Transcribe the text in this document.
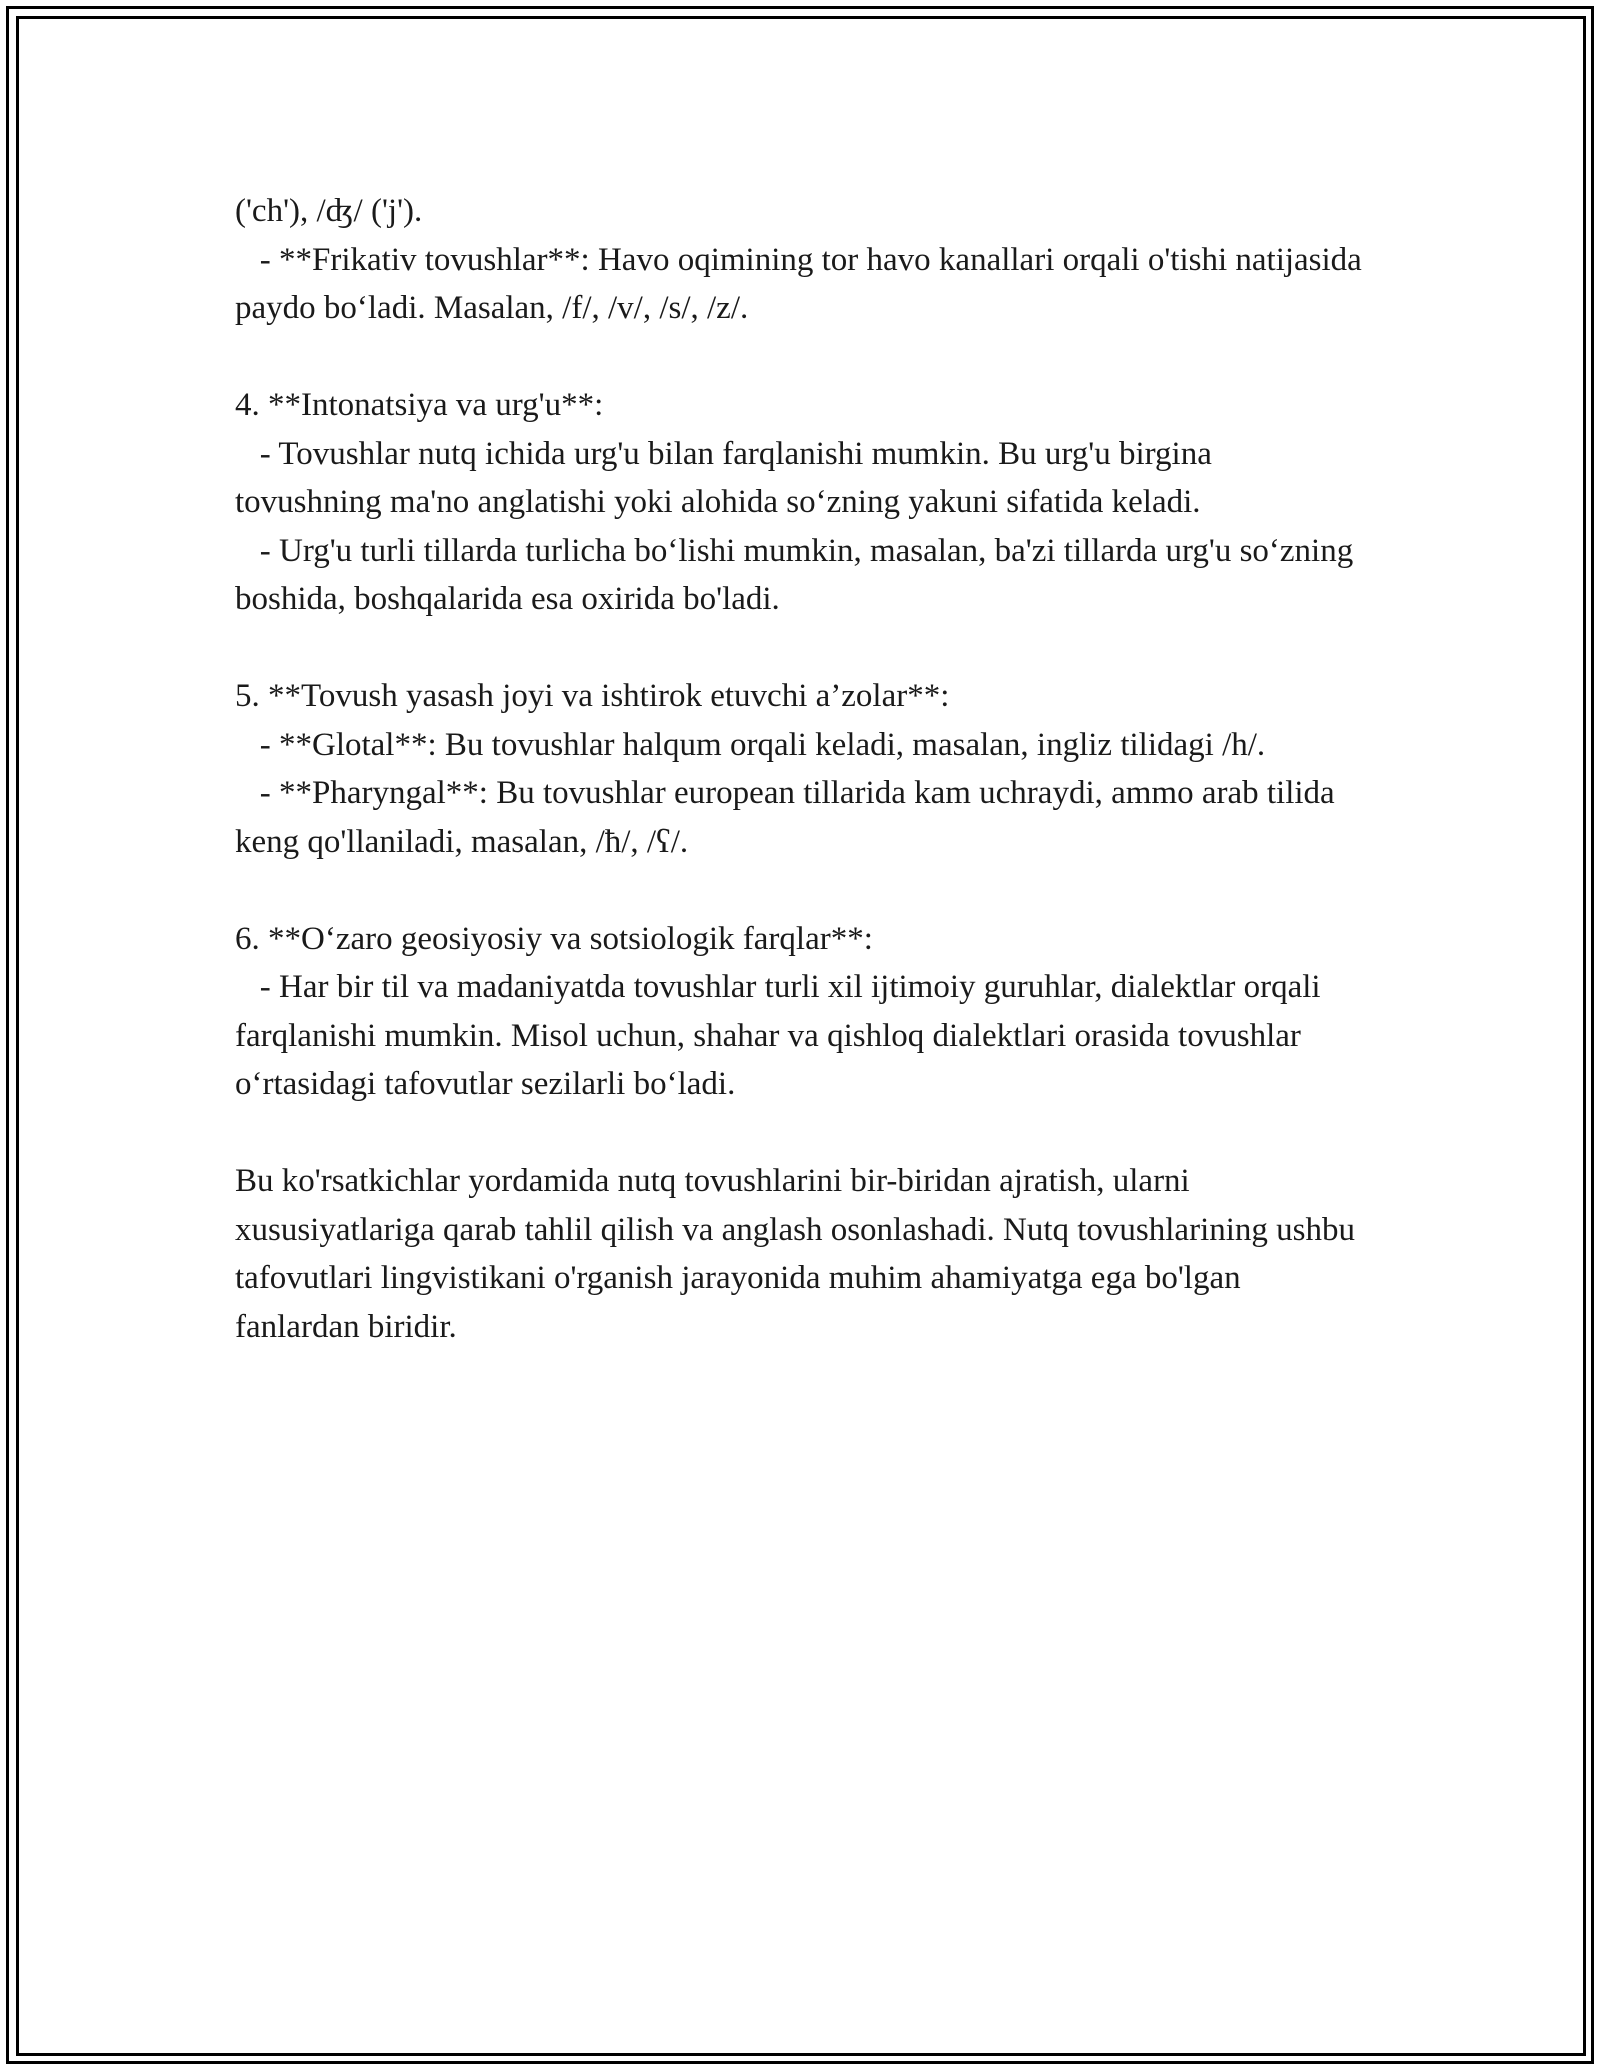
('ch'), /ʤ/ ('j').
- **Frikativ tovushlar**: Havo oqimining tor havo kanallari orqali o'tishi natijasida paydo boʻladi. Masalan, /f/, /v/, /s/, /z/.

4. **Intonatsiya va urg'u**:
- Tovushlar nutq ichida urg'u bilan farqlanishi mumkin. Bu urg'u birgina tovushning ma'no anglatishi yoki alohida soʻzning yakuni sifatida keladi.
- Urg'u turli tillarda turlicha boʻlishi mumkin, masalan, ba'zi tillarda urg'u soʻzning boshida, boshqalarida esa oxirida bo'ladi.

5. **Tovush yasash joyi va ishtirok etuvchi a’zolar**:
- **Glotal**: Bu tovushlar halqum orqali keladi, masalan, ingliz tilidagi /h/.
- **Pharyngal**: Bu tovushlar european tillarida kam uchraydi, ammo arab tilida keng qo'llaniladi, masalan, /ħ/, /ʕ/.

6. **Oʻzaro geosiyosiy va sotsiologik farqlar**:
- Har bir til va madaniyatda tovushlar turli xil ijtimoiy guruhlar, dialektlar orqali farqlanishi mumkin. Misol uchun, shahar va qishloq dialektlari orasida tovushlar oʻrtasidagi tafovutlar sezilarli boʻladi.

Bu ko'rsatkichlar yordamida nutq tovushlarini bir-biridan ajratish, ularni xususiyatlariga qarab tahlil qilish va anglash osonlashadi. Nutq tovushlarining ushbu tafovutlari lingvistikani o'rganish jarayonida muhim ahamiyatga ega bo'lgan fanlardan biridir.
